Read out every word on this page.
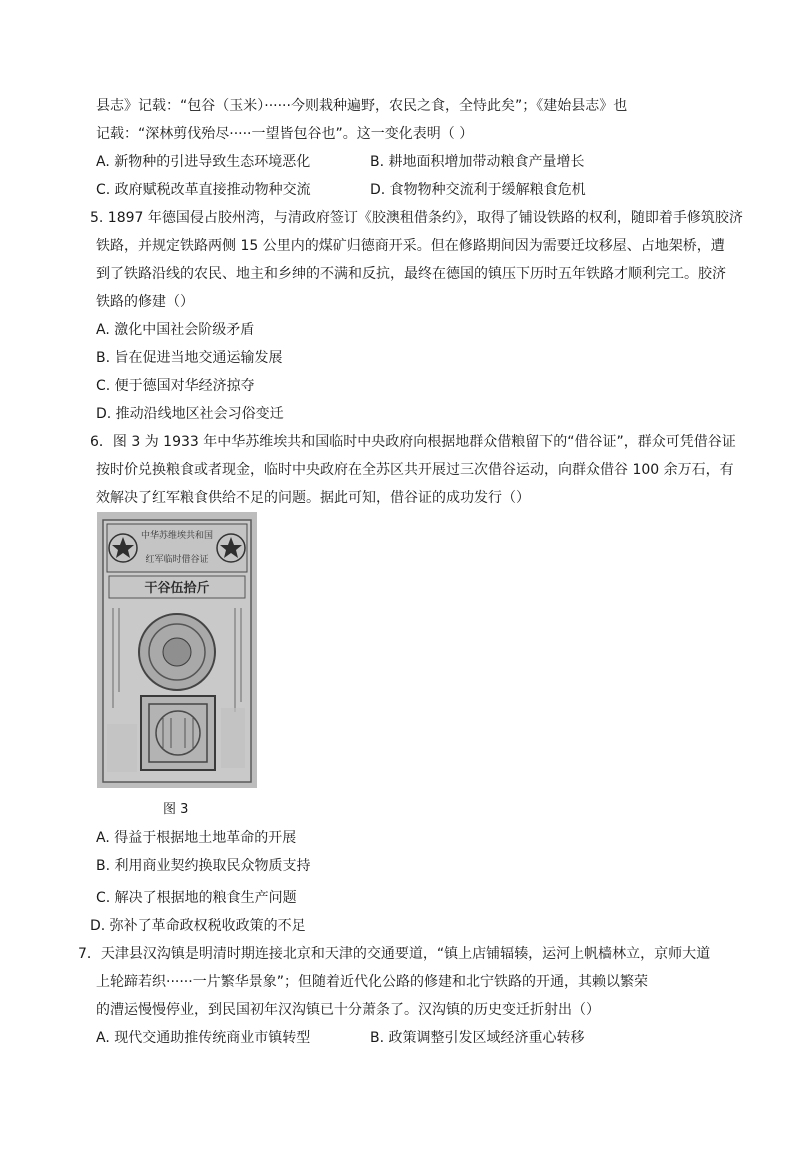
县志》记载：“包谷（玉米）······今则栽种遍野，农民之食，全恃此矣”；《建始县志》也
记载：“深林剪伐殆尽·····一望皆包谷也”。这一变化表明（ ）
A. 新物种的引进导致生态环境恶化	B. 耕地面积增加带动粮食产量增长
C. 政府赋税改革直接推动物种交流	D. 食物物种交流利于缓解粮食危机
5. 1897 年德国侵占胶州湾，与清政府签订《胶澳租借条约》，取得了铺设铁路的权利，随即着手修筑胶济
铁路，并规定铁路两侧 15 公里内的煤矿归德商开采。但在修路期间因为需要迁坟移屋、占地架桥，遭
到了铁路沿线的农民、地主和乡绅的不满和反抗，最终在德国的镇压下历时五年铁路才顺利完工。胶济
铁路的修建（）
A. 激化中国社会阶级矛盾
B. 旨在促进当地交通运输发展
C. 便于德国对华经济掠夺
D. 推动沿线地区社会习俗变迁
6．图 3 为 1933 年中华苏维埃共和国临时中央政府向根据地群众借粮留下的“借谷证”，群众可凭借谷证
按时价兑换粮食或者现金，临时中央政府在全苏区共开展过三次借谷运动，向群众借谷 100 余万石，有
效解决了红军粮食供给不足的问题。据此可知，借谷证的成功发行（）
中华苏维埃共和国
红军临时借谷证
干谷伍拾斤
图 3
A. 得益于根据地土地革命的开展
B. 利用商业契约换取民众物质支持
C. 解决了根据地的粮食生产问题
D. 弥补了革命政权税收政策的不足
7．天津县汉沟镇是明清时期连接北京和天津的交通要道，“镇上店铺辐辏，运河上帆樯林立，京师大道
上轮蹄若织······一片繁华景象”；但随着近代化公路的修建和北宁铁路的开通，其赖以繁荣
的漕运慢慢停业，到民国初年汉沟镇已十分萧条了。汉沟镇的历史变迁折射出（）
A. 现代交通助推传统商业市镇转型	B. 政策调整引发区域经济重心转移
